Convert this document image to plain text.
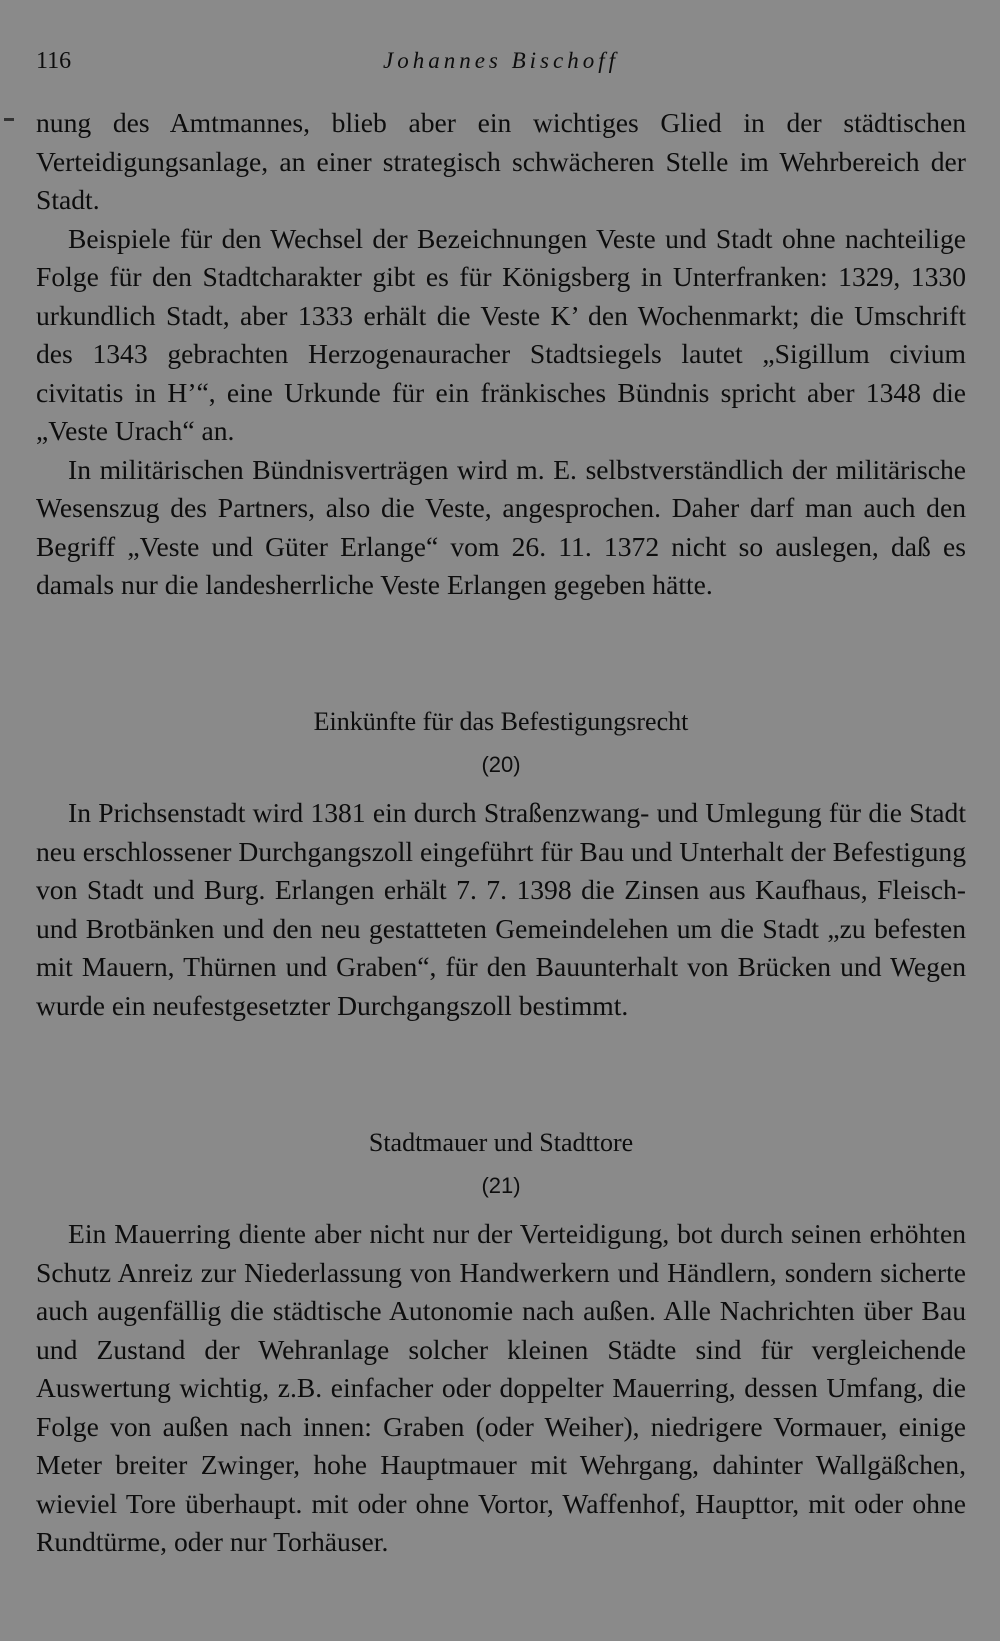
116	Johannes Bischoff

nung des Amtmannes, blieb aber ein wichtiges Glied in der städtischen Verteidigungsanlage, an einer strategisch schwächeren Stelle im Wehrbereich der Stadt.

Beispiele für den Wechsel der Bezeichnungen Veste und Stadt ohne nachteilige Folge für den Stadtcharakter gibt es für Königsberg in Unterfranken: 1329, 1330 urkundlich Stadt, aber 1333 erhält die Veste K’ den Wochenmarkt; die Umschrift des 1343 gebrachten Herzogenauracher Stadtsiegels lautet „Sigillum civium civitatis in H’“, eine Urkunde für ein fränkisches Bündnis spricht aber 1348 die „Veste Urach“ an.

In militärischen Bündnisverträgen wird m. E. selbstverständlich der militärische Wesenszug des Partners, also die Veste, angesprochen. Daher darf man auch den Begriff „Veste und Güter Erlange“ vom 26. 11. 1372 nicht so auslegen, daß es damals nur die landesherrliche Veste Erlangen gegeben hätte.

Einkünfte für das Befestigungsrecht
(20)

In Prichsenstadt wird 1381 ein durch Straßenzwang- und Umlegung für die Stadt neu erschlossener Durchgangszoll eingeführt für Bau und Unterhalt der Befestigung von Stadt und Burg. Erlangen erhält 7. 7. 1398 die Zinsen aus Kaufhaus, Fleisch- und Brotbänken und den neu gestatteten Gemeindelehen um die Stadt „zu befesten mit Mauern, Thürnen und Graben“, für den Bauunterhalt von Brücken und Wegen wurde ein neufestgesetzter Durchgangszoll bestimmt.

Stadtmauer und Stadttore
(21)

Ein Mauerring diente aber nicht nur der Verteidigung, bot durch seinen erhöhten Schutz Anreiz zur Niederlassung von Handwerkern und Händlern, sondern sicherte auch augenfällig die städtische Autonomie nach außen. Alle Nachrichten über Bau und Zustand der Wehranlage solcher kleinen Städte sind für vergleichende Auswertung wichtig, z.B. einfacher oder doppelter Mauerring, dessen Umfang, die Folge von außen nach innen: Graben (oder Weiher), niedrigere Vormauer, einige Meter breiter Zwinger, hohe Hauptmauer mit Wehrgang, dahinter Wallgäßchen, wieviel Tore überhaupt. mit oder ohne Vortor, Waffenhof, Haupttor, mit oder ohne Rundtürme, oder nur Torhäuser.
